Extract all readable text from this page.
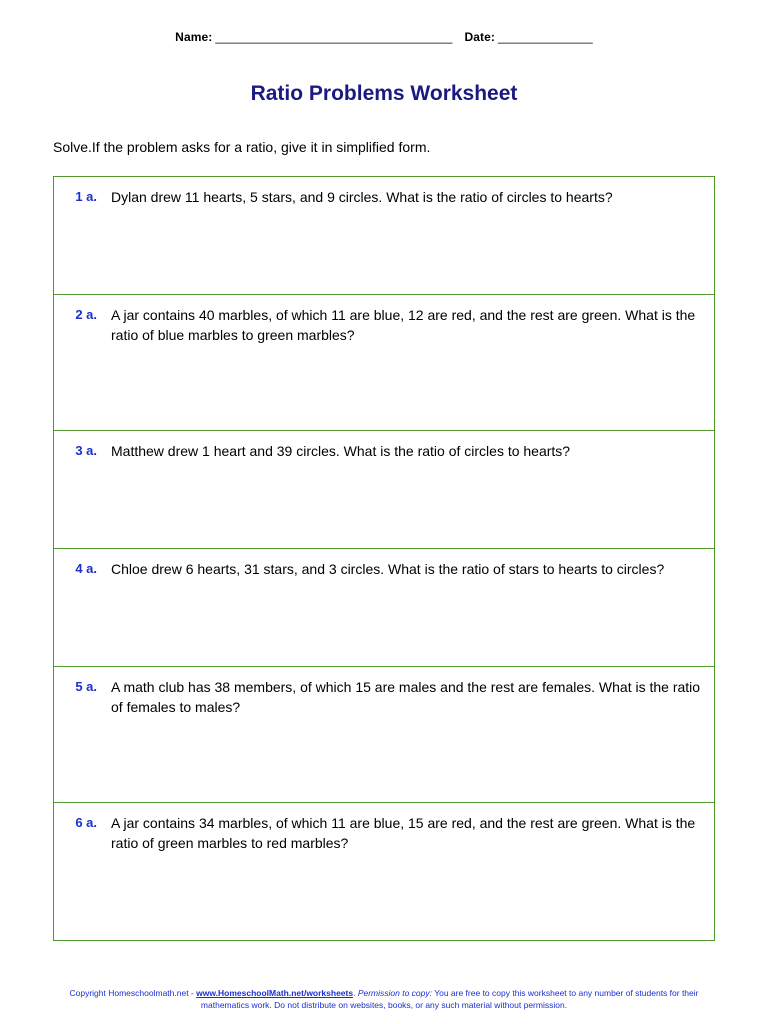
Name: ___________________________________ Date: ______________
Ratio Problems Worksheet
Solve.If the problem asks for a ratio, give it in simplified form.
1 a. Dylan drew 11 hearts, 5 stars, and 9 circles. What is the ratio of circles to hearts?
2 a. A jar contains 40 marbles, of which 11 are blue, 12 are red, and the rest are green. What is the ratio of blue marbles to green marbles?
3 a. Matthew drew 1 heart and 39 circles. What is the ratio of circles to hearts?
4 a. Chloe drew 6 hearts, 31 stars, and 3 circles. What is the ratio of stars to hearts to circles?
5 a. A math club has 38 members, of which 15 are males and the rest are females. What is the ratio of females to males?
6 a. A jar contains 34 marbles, of which 11 are blue, 15 are red, and the rest are green. What is the ratio of green marbles to red marbles?
Copyright Homeschoolmath.net - www.HomeschoolMath.net/worksheets. Permission to copy: You are free to copy this worksheet to any number of students for their mathematics work. Do not distribute on websites, books, or any such material without permission.
